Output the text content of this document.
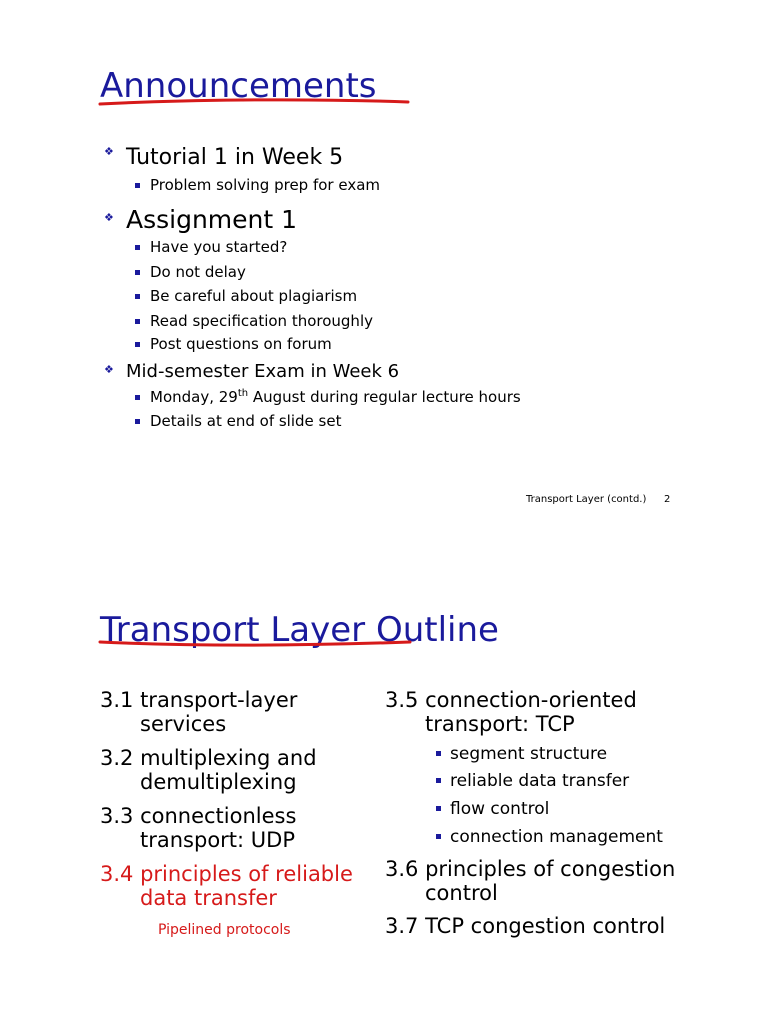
Announcements
❖ Tutorial 1 in Week 5
Problem solving prep for exam
❖ Assignment 1
Have you started?
Do not delay
Be careful about plagiarism
Read specification thoroughly
Post questions on forum
❖ Mid-semester Exam in Week 6
Monday, 29th August during regular lecture hours
Details at end of slide set
Transport Layer (contd.) 2
Transport Layer Outline
3.1 transport-layer
services
3.2 multiplexing and
demultiplexing
3.3 connectionless
transport: UDP
3.4 principles of reliable
data transfer
Pipelined protocols
3.5 connection-oriented
transport: TCP
segment structure
reliable data transfer
flow control
connection management
3.6 principles of congestion
control
3.7 TCP congestion control
